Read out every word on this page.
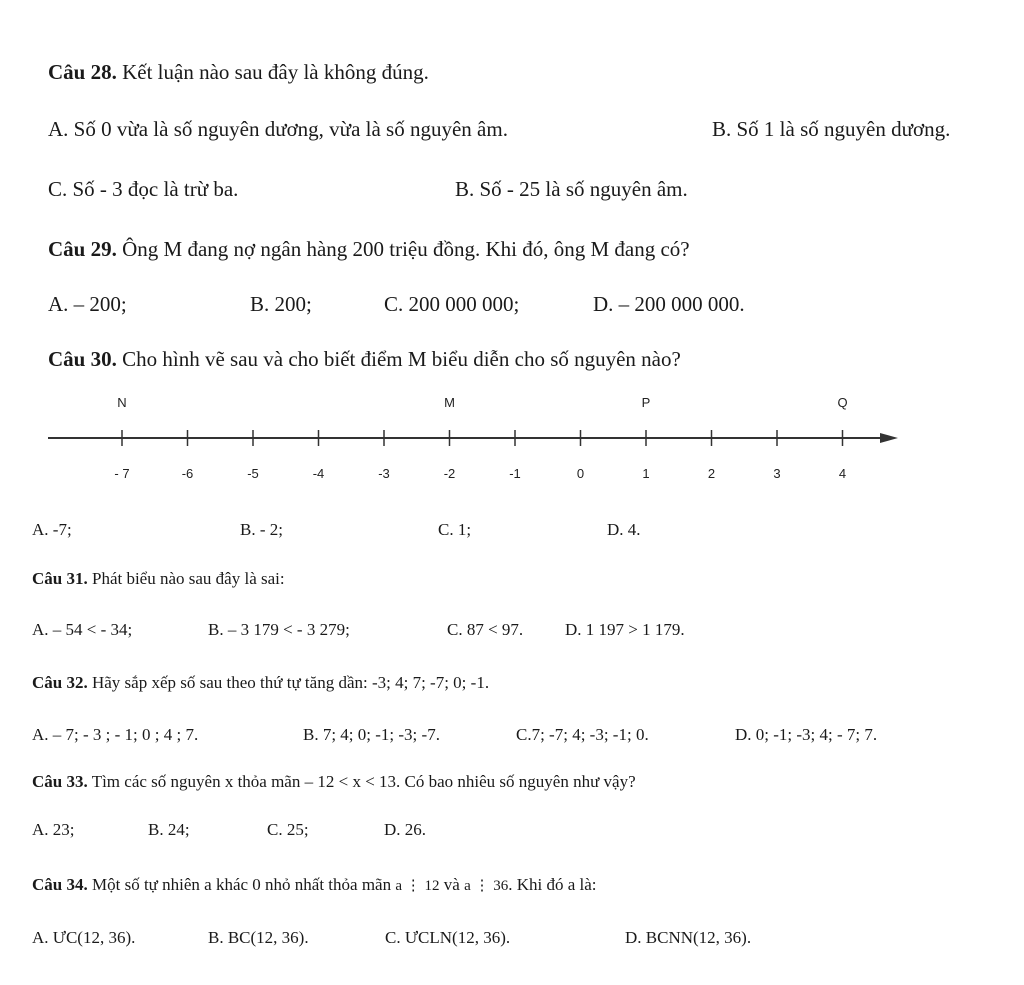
Câu 28. Kết luận nào sau đây là không đúng.
A. Số 0 vừa là số nguyên dương, vừa là số nguyên âm.	B. Số 1 là số nguyên dương.
C. Số - 3 đọc là trừ ba.	B. Số - 25 là số nguyên âm.
Câu 29. Ông M đang nợ ngân hàng 200 triệu đồng. Khi đó, ông M đang có?
A. – 200;	B. 200;	C. 200 000 000;	D. – 200 000 000.
Câu 30. Cho hình vẽ sau và cho biết điểm M biểu diễn cho số nguyên nào?
- 7	-6	-5	-4	-3	-2	-1	0	1	2	3	4
N	M	P	Q
A. -7;	B. - 2;	C. 1;	D. 4.
Câu 31. Phát biểu nào sau đây là sai:
A. – 54 < - 34;	B. – 3 179 < - 3 279;	C. 87 < 97. D. 1 197 > 1 179.
Câu 32. Hãy sắp xếp số sau theo thứ tự tăng dần: -3; 4; 7; -7; 0; -1.
A. – 7; - 3 ; - 1; 0 ; 4 ; 7.	B. 7; 4; 0; -1; -3; -7.	C.7; -7; 4; -3; -1; 0.	D. 0; -1; -3; 4; - 7; 7.
Câu 33. Tìm các số nguyên x thỏa mãn – 12 < x < 13. Có bao nhiêu số nguyên như vậy?
A. 23;	B. 24;	C. 25;	D. 26.
Câu 34. Một số tự nhiên a khác 0 nhỏ nhất thỏa mãn a ⋮ 12 và a ⋮ 36. Khi đó a là:
A. ƯC(12, 36).	B. BC(12, 36).	C. ƯCLN(12, 36).	D. BCNN(12, 36).
